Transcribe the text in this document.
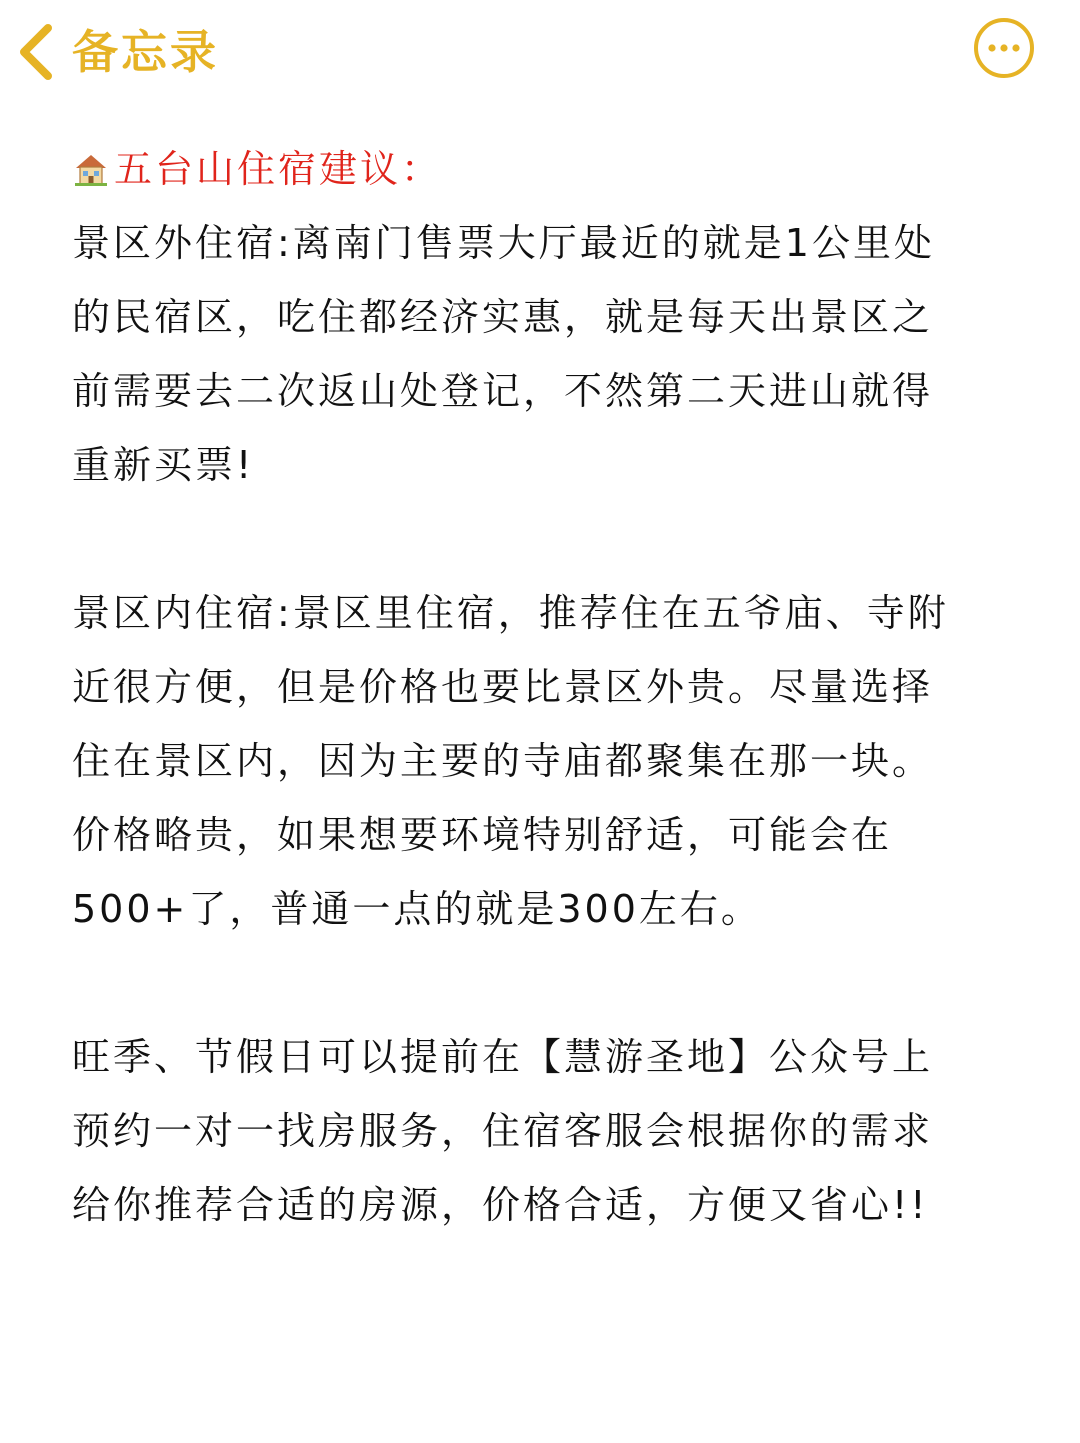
备忘录
五台山住宿建议：

景区外住宿:离南门售票大厅最近的就是1公里处
的民宿区，吃住都经济实惠，就是每天出景区之
前需要去二次返山处登记，不然第二天进山就得
重新买票!

景区内住宿:景区里住宿，推荐住在五爷庙、寺附
近很方便，但是价格也要比景区外贵。尽量选择
住在景区内，因为主要的寺庙都聚集在那一块。
价格略贵，如果想要环境特别舒适，可能会在
500+了，普通一点的就是300左右。

旺季、节假日可以提前在【慧游圣地】公众号上
预约一对一找房服务，住宿客服会根据你的需求
给你推荐合适的房源，价格合适，方便又省心!!
